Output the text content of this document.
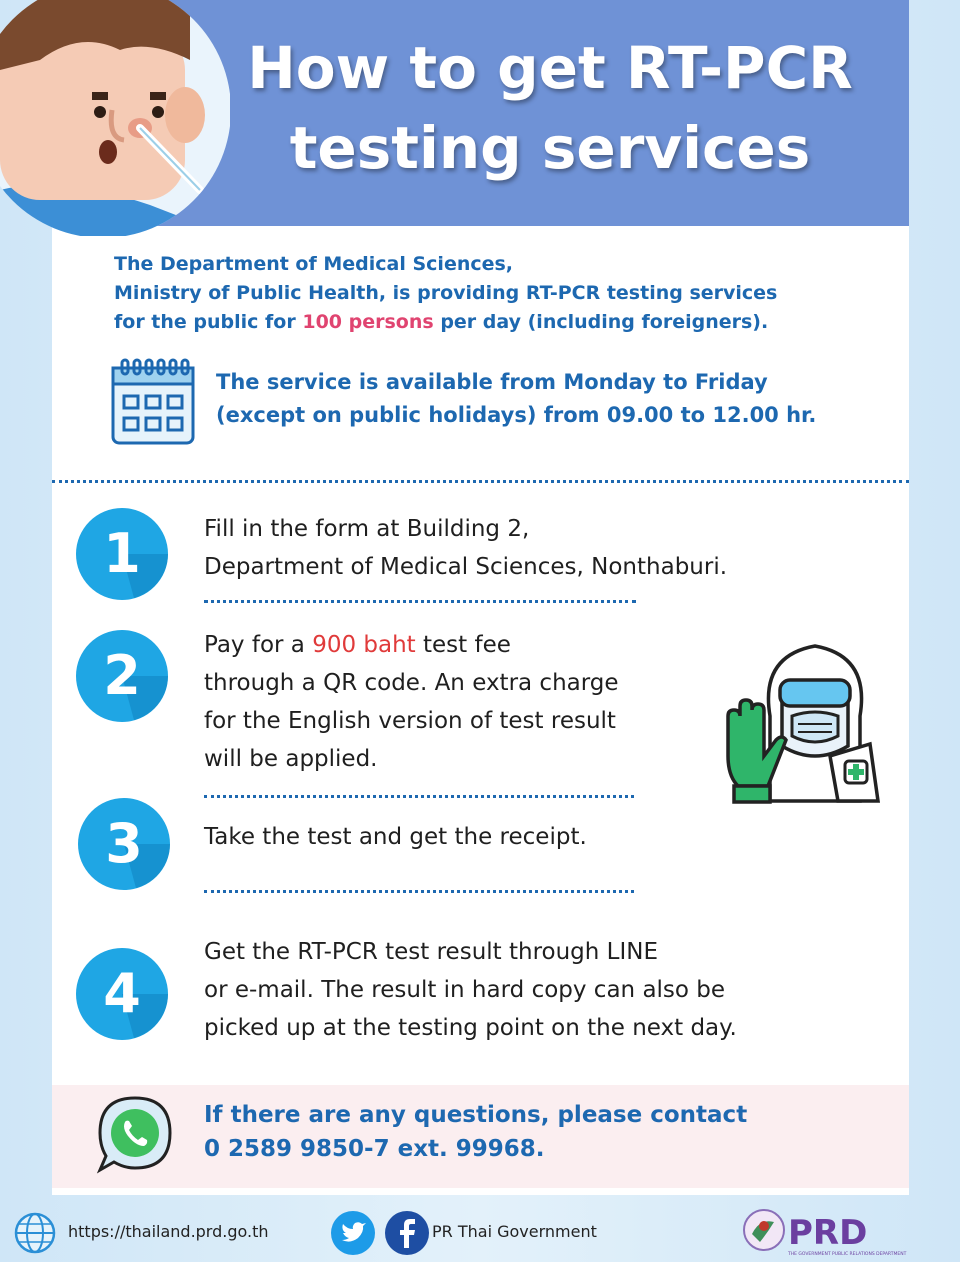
How to get RT-PCR
testing services
The Department of Medical Sciences,
Ministry of Public Health, is providing RT-PCR testing services
for the public for 100 persons per day (including foreigners).
The service is available from Monday to Friday
(except on public holidays) from 09.00 to 12.00 hr.
1	Fill in the form at Building 2,
Department of Medical Sciences, Nonthaburi.
2	Pay for a 900 baht test fee
through a QR code. An extra charge
for the English version of test result
will be applied.
3	Take the test and get the receipt.
4
Get the RT-PCR test result through LINE
or e-mail. The result in hard copy can also be
picked up at the testing point on the next day.
If there are any questions, please contact
0 2589 9850-7 ext. 99968.
https://thailand.prd.go.th	PR Thai Government	PRD
THE GOVERNMENT PUBLIC RELATIONS DEPARTMENT
